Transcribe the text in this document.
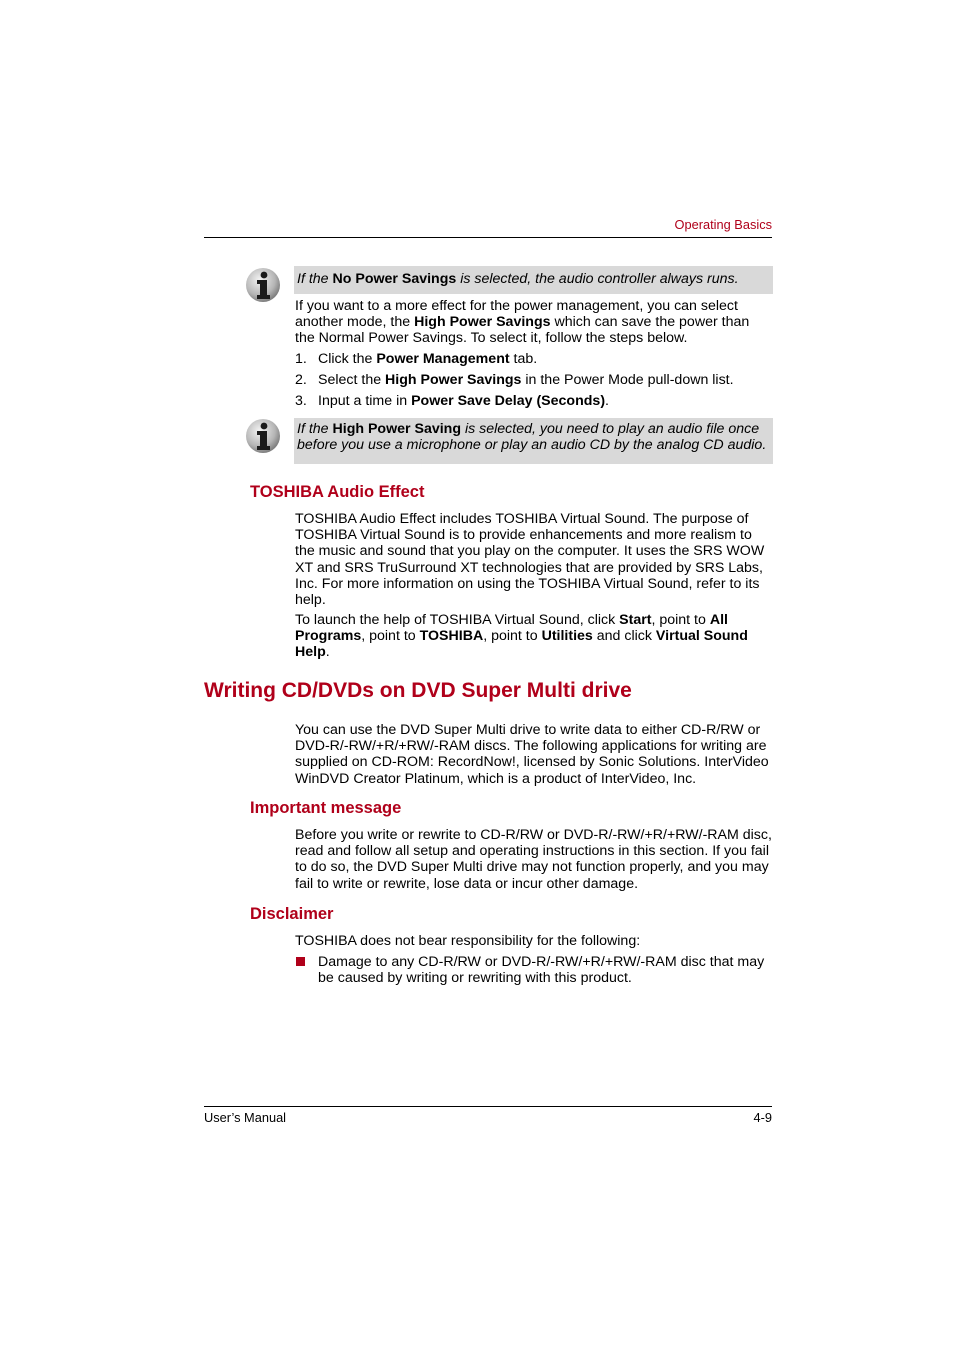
Operating Basics
If the No Power Savings is selected, the audio controller always runs.
If you want to a more effect for the power management, you can select another mode, the High Power Savings which can save the power than the Normal Power Savings. To select it, follow the steps below.
1. Click the Power Management tab.
2. Select the High Power Savings in the Power Mode pull-down list.
3. Input a time in Power Save Delay (Seconds).
If the High Power Saving is selected, you need to play an audio file once before you use a microphone or play an audio CD by the analog CD audio.
TOSHIBA Audio Effect
TOSHIBA Audio Effect includes TOSHIBA Virtual Sound. The purpose of TOSHIBA Virtual Sound is to provide enhancements and more realism to the music and sound that you play on the computer. It uses the SRS WOW XT and SRS TruSurround XT technologies that are provided by SRS Labs, Inc. For more information on using the TOSHIBA Virtual Sound, refer to its help.
To launch the help of TOSHIBA Virtual Sound, click Start, point to All Programs, point to TOSHIBA, point to Utilities and click Virtual Sound Help.
Writing CD/DVDs on DVD Super Multi drive
You can use the DVD Super Multi drive to write data to either CD-R/RW or DVD-R/-RW/+R/+RW/-RAM discs. The following applications for writing are supplied on CD-ROM: RecordNow!, licensed by Sonic Solutions. InterVideo WinDVD Creator Platinum, which is a product of InterVideo, Inc.
Important message
Before you write or rewrite to CD-R/RW or DVD-R/-RW/+R/+RW/-RAM disc, read and follow all setup and operating instructions in this section. If you fail to do so, the DVD Super Multi drive may not function properly, and you may fail to write or rewrite, lose data or incur other damage.
Disclaimer
TOSHIBA does not bear responsibility for the following:
Damage to any CD-R/RW or DVD-R/-RW/+R/+RW/-RAM disc that may be caused by writing or rewriting with this product.
User’s Manual	4-9
